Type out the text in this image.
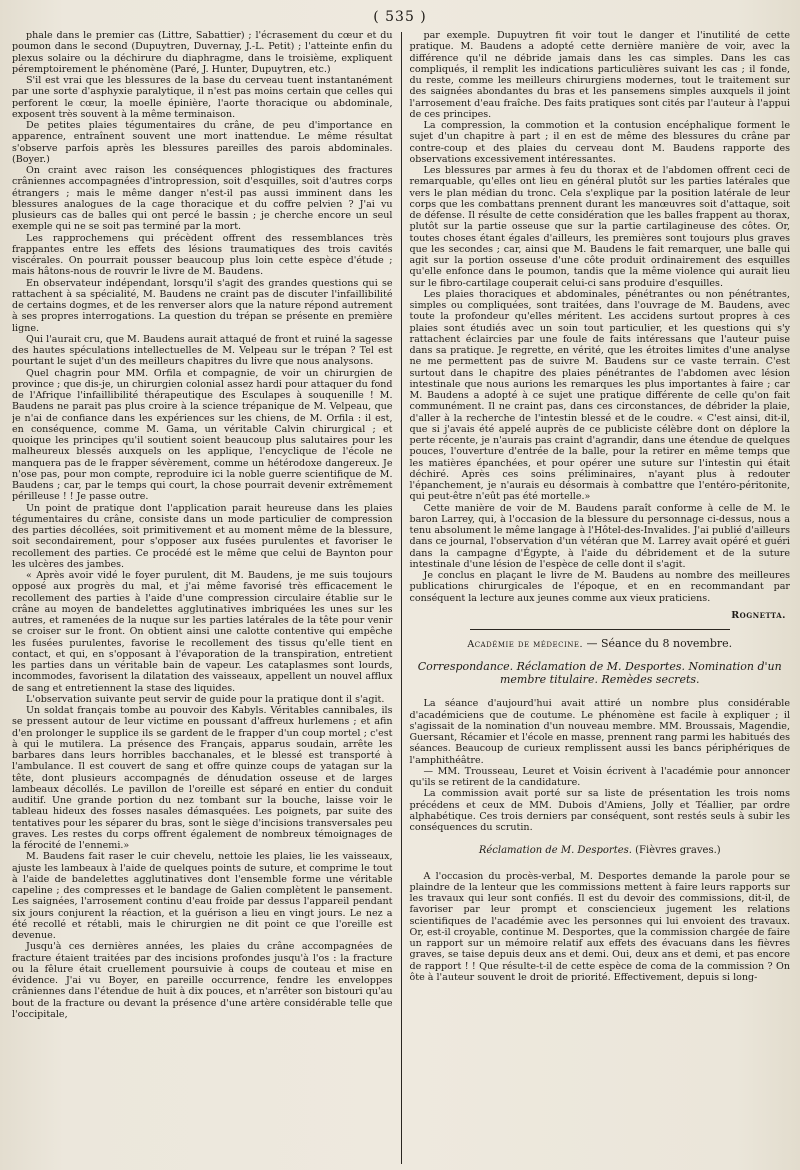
( 535 )

phale dans le premier cas (Littre, Sabattier) ; l'écrasement du cœur et du poumon dans le second (Dupuytren, Duvernay, J.-L. Petit) ; l'atteinte enfin du plexus solaire ou la déchirure du diaphragme, dans le troisième, expliquent péremptoirement le phénomène (Paré, J. Hunter, Dupuytren, etc.)

S'il est vrai que les blessures de la base du cerveau tuent instantanément par une sorte d'asphyxie paralytique, il n'est pas moins certain que celles qui perforent le cœur, la moelle épinière, l'aorte thoracique ou abdominale, exposent très souvent à la même terminaison.

De petites plaies tégumentaires du crâne, de peu d'importance en apparence, entraînent souvent une mort inattendue. Le même résultat s'observe parfois après les blessures pareilles des parois abdominales. (Boyer.)

On craint avec raison les conséquences phlogistiques des fractures crâniennes accompagnées d'intropression, soit d'esquilles, soit d'autres corps étrangers ; mais le même danger n'est-il pas aussi imminent dans les blessures analogues de la cage thoracique et du coffre pelvien ? J'ai vu plusieurs cas de balles qui ont percé le bassin ; je cherche encore un seul exemple qui ne se soit pas terminé par la mort.

Les rapprochemens qui précèdent offrent des ressemblances très frappantes entre les effets des lésions traumatiques des trois cavités viscérales. On pourrait pousser beaucoup plus loin cette espèce d'étude ; mais hâtons-nous de rouvrir le livre de M. Baudens.

En observateur indépendant, lorsqu'il s'agit des grandes questions qui se rattachent à sa spécialité, M. Baudens ne craint pas de discuter l'infaillibilité de certains dogmes, et de les renverser alors que la nature répond autrement à ses propres interrogations. La question du trépan se présente en première ligne.

Qui l'aurait cru, que M. Baudens aurait attaqué de front et ruiné la sagesse des hautes spéculations intellectuelles de M. Velpeau sur le trépan ? Tel est pourtant le sujet d'un des meilleurs chapitres du livre que nous analysons.

Quel chagrin pour MM. Orfila et compagnie, de voir un chirurgien de province ; que dis-je, un chirurgien colonial assez hardi pour attaquer du fond de l'Afrique l'infaillibilité thérapeutique des Esculapes à souquenille ! M. Baudens ne parait pas plus croire à la science trépanique de M. Velpeau, que je n'ai de confiance dans les expériences sur les chiens, de M. Orfila : il est, en conséquence, comme M. Gama, un véritable Calvin chirurgical ; et quoique les principes qu'il soutient soient beaucoup plus salutaires pour les malheureux blessés auxquels on les applique, l'encyclique de l'école ne manquera pas de le frapper sévèrement, comme un hétérodoxe dangereux. Je n'ose pas, pour mon compte, reproduire ici la noble guerre scientifique de M. Baudens ; car, par le temps qui court, la chose pourrait devenir extrêmement périlleuse ! ! Je passe outre.

Un point de pratique dont l'application parait heureuse dans les plaies tégumentaires du crâne, consiste dans un mode particulier de compression des parties décollées, soit primitivement et au moment même de la blessure, soit secondairement, pour s'opposer aux fusées purulentes et favoriser le recollement des parties. Ce procédé est le même que celui de Baynton pour les ulcères des jambes.

« Après avoir vidé le foyer purulent, dit M. Baudens, je me suis toujours opposé aux progrès du mal, et j'ai même favorisé très efficacement le recollement des parties à l'aide d'une compression circulaire établie sur le crâne au moyen de bandelettes agglutinatives imbriquées les unes sur les autres, et ramenées de la nuque sur les parties latérales de la tête pour venir se croiser sur le front. On obtient ainsi une calotte contentive qui empêche les fusées purulentes, favorise le recollement des tissus qu'elle tient en contact, et qui, en s'opposant à l'évaporation de la transpiration, entretient les parties dans un véritable bain de vapeur. Les cataplasmes sont lourds, incommodes, favorisent la dilatation des vaisseaux, appellent un nouvel afflux de sang et entretiennent la stase des liquides.

L'observation suivante peut servir de guide pour la pratique dont il s'agit.

Un soldat français tombe au pouvoir des Kabyls. Véritables cannibales, ils se pressent autour de leur victime en poussant d'affreux hurlemens ; et afin d'en prolonger le supplice ils se gardent de le frapper d'un coup mortel ; c'est à qui le mutilera. La présence des Français, apparus soudain, arrête les barbares dans leurs horribles bacchanales, et le blessé est transporté à l'ambulance. Il est couvert de sang et offre quinze coups de yatagan sur la tête, dont plusieurs accompagnés de dénudation osseuse et de larges lambeaux décollés. Le pavillon de l'oreille est séparé en entier du conduit auditif. Une grande portion du nez tombant sur la bouche, laisse voir le tableau hideux des fosses nasales démasquées. Les poignets, par suite des tentatives pour les séparer du bras, sont le siège d'incisions transversales peu graves. Les restes du corps offrent également de nombreux témoignages de la férocité de l'ennemi.»

M. Baudens fait raser le cuir chevelu, nettoie les plaies, lie les vaisseaux, ajuste les lambeaux à l'aide de quelques points de suture, et comprime le tout à l'aide de bandelettes agglutinatives dont l'ensemble forme une véritable capeline ; des compresses et le bandage de Galien complètent le pansement. Les saignées, l'arrosement continu d'eau froide par dessus l'appareil pendant six jours conjurent la réaction, et la guérison a lieu en vingt jours. Le nez a été recollé et rétabli, mais le chirurgien ne dit point ce que l'oreille est devenue.

Jusqu'à ces dernières années, les plaies du crâne accompagnées de fracture étaient traitées par des incisions profondes jusqu'à l'os : la fracture ou la fêlure était cruellement poursuivie à coups de couteau et mise en évidence. J'ai vu Boyer, en pareille occurrence, fendre les enveloppes crâniennes dans l'étendue de huit à dix pouces, et n'arrêter son bistouri qu'au bout de la fracture ou devant la présence d'une artère considérable telle que l'occipitale,

par exemple. Dupuytren fit voir tout le danger et l'inutilité de cette pratique. M. Baudens a adopté cette dernière manière de voir, avec la différence qu'il ne débride jamais dans les cas simples. Dans les cas compliqués, il remplit les indications particulières suivant les cas ; il fonde, du reste, comme les meilleurs chirurgiens modernes, tout le traitement sur des saignées abondantes du bras et les pansemens simples auxquels il joint l'arrosement d'eau fraîche. Des faits pratiques sont cités par l'auteur à l'appui de ces principes.

La compression, la commotion et la contusion encéphalique forment le sujet d'un chapitre à part ; il en est de même des blessures du crâne par contre-coup et des plaies du cerveau dont M. Baudens rapporte des observations excessivement intéressantes.

Les blessures par armes à feu du thorax et de l'abdomen offrent ceci de remarquable, qu'elles ont lieu en général plutôt sur les parties latérales que vers le plan médian du tronc. Cela s'explique par la position latérale de leur corps que les combattans prennent durant les manœuvres soit d'attaque, soit de défense. Il résulte de cette considération que les balles frappent au thorax, plutôt sur la partie osseuse que sur la partie cartilagineuse des côtes. Or, toutes choses étant égales d'ailleurs, les premières sont toujours plus graves que les secondes ; car, ainsi que M. Baudens le fait remarquer, une balle qui agit sur la portion osseuse d'une côte produit ordinairement des esquilles qu'elle enfonce dans le poumon, tandis que la même violence qui aurait lieu sur le fibro-cartilage couperait celui-ci sans produire d'esquilles.

Les plaies thoraciques et abdominales, pénétrantes ou non pénétrantes, simples ou compliquées, sont traitées, dans l'ouvrage de M. Baudens, avec toute la profondeur qu'elles méritent. Les accidens surtout propres à ces plaies sont étudiés avec un soin tout particulier, et les questions qui s'y rattachent éclaircies par une foule de faits intéressans que l'auteur puise dans sa pratique. Je regrette, en vérité, que les étroites limites d'une analyse ne me permettent pas de suivre M. Baudens sur ce vaste terrain. C'est surtout dans le chapitre des plaies pénétrantes de l'abdomen avec lésion intestinale que nous aurions les remarques les plus importantes à faire ; car M. Baudens a adopté à ce sujet une pratique différente de celle qu'on fait communément. Il ne craint pas, dans ces circonstances, de débrider la plaie, d'aller à la recherche de l'intestin blessé et de le coudre. « C'est ainsi, dit-il, que si j'avais été appelé auprès de ce publiciste célèbre dont on déplore la perte récente, je n'aurais pas craint d'agrandir, dans une étendue de quelques pouces, l'ouverture d'entrée de la balle, pour la retirer en même temps que les matières épanchées, et pour opérer une suture sur l'intestin qui était déchiré. Après ces soins préliminaires, n'ayant plus à redouter l'épanchement, je n'aurais eu désormais à combattre que l'entéro-péritonite, qui peut-être n'eût pas été mortelle.»

Cette manière de voir de M. Baudens paraît conforme à celle de M. le baron Larrey, qui, à l'occasion de la blessure du personnage ci-dessus, nous a tenu absolument le même langage à l'Hôtel-des-Invalides. J'ai publié d'ailleurs dans ce journal, l'observation d'un vétéran que M. Larrey avait opéré et guéri dans la campagne d'Égypte, à l'aide du débridement et de la suture intestinale d'une lésion de l'espèce de celle dont il s'agit.

Je conclus en plaçant le livre de M. Baudens au nombre des meilleures publications chirurgicales de l'époque, et en en recommandant par conséquent la lecture aux jeunes comme aux vieux praticiens.

Rognetta.

Académie de médecine. — Séance du 8 novembre.

Correspondance. Réclamation de M. Desportes. Nomination d'un membre titulaire. Remèdes secrets.

La séance d'aujourd'hui avait attiré un nombre plus considérable d'académiciens que de coutume. Le phénomène est facile à expliquer ; il s'agissait de la nomination d'un nouveau membre. MM. Broussais, Magendie, Guersant, Récamier et l'école en masse, prennent rang parmi les habitués des séances. Beaucoup de curieux remplissent aussi les bancs périphériques de l'amphithéâtre.

— MM. Trousseau, Leuret et Voisin écrivent à l'académie pour annoncer qu'ils se retirent de la candidature.

La commission avait porté sur sa liste de présentation les trois noms précédens et ceux de MM. Dubois d'Amiens, Jolly et Téallier, par ordre alphabétique. Ces trois derniers par conséquent, sont restés seuls à subir les conséquences du scrutin.

Réclamation de M. Desportes. (Fièvres graves.)

A l'occasion du procès-verbal, M. Desportes demande la parole pour se plaindre de la lenteur que les commissions mettent à faire leurs rapports sur les travaux qui leur sont confiés. Il est du devoir des commissions, dit-il, de favoriser par leur prompt et consciencieux jugement les relations scientifiques de l'académie avec les personnes qui lui envoient des travaux. Or, est-il croyable, continue M. Desportes, que la commission chargée de faire un rapport sur un mémoire relatif aux effets des évacuans dans les fièvres graves, se taise depuis deux ans et demi. Oui, deux ans et demi, et pas encore de rapport ! ! Que résulte-t-il de cette espèce de coma de la commission ? On ôte à l'auteur souvent le droit de priorité. Effectivement, depuis si long-
